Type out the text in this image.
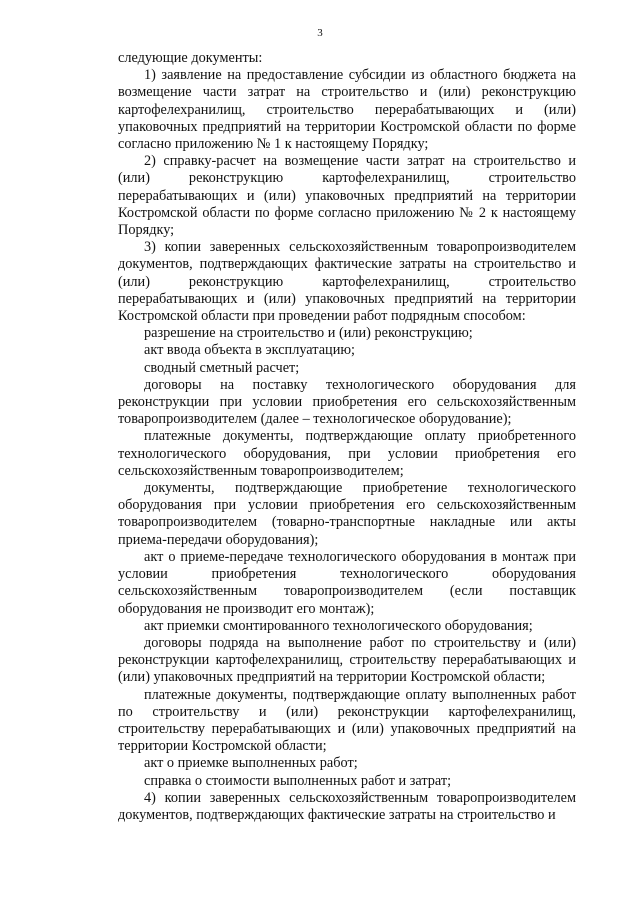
3

следующие документы:

1) заявление на предоставление субсидии из областного бюджета на возмещение части затрат на строительство и (или) реконструкцию картофелехранилищ, строительство перерабатывающих и (или) упаковочных предприятий на территории Костромской области по форме согласно приложению № 1 к настоящему Порядку;

2) справку-расчет на возмещение части затрат на строительство и (или) реконструкцию картофелехранилищ, строительство перерабатывающих и (или) упаковочных предприятий на территории Костромской области по форме согласно приложению № 2 к настоящему Порядку;

3) копии заверенных сельскохозяйственным товаропроизводителем документов, подтверждающих фактические затраты на строительство и (или) реконструкцию картофелехранилищ, строительство перерабатывающих и (или) упаковочных предприятий на территории Костромской области при проведении работ подрядным способом:

разрешение на строительство и (или) реконструкцию;

акт ввода объекта в эксплуатацию;

сводный сметный расчет;

договоры на поставку технологического оборудования для реконструкции при условии приобретения его сельскохозяйственным товаропроизводителем (далее – технологическое оборудование);

платежные документы, подтверждающие оплату приобретенного технологического оборудования, при условии приобретения его сельскохозяйственным товаропроизводителем;

документы, подтверждающие приобретение технологического оборудования при условии приобретения его сельскохозяйственным товаропроизводителем (товарно-транспортные накладные или акты приема-передачи оборудования);

акт о приеме-передаче технологического оборудования в монтаж при условии приобретения технологического оборудования сельскохозяйственным товаропроизводителем (если поставщик оборудования не производит его монтаж);

акт приемки смонтированного технологического оборудования;

договоры подряда на выполнение работ по строительству и (или) реконструкции картофелехранилищ, строительству перерабатывающих и (или) упаковочных предприятий на территории Костромской области;

платежные документы, подтверждающие оплату выполненных работ по строительству и (или) реконструкции картофелехранилищ, строительству перерабатывающих и (или) упаковочных предприятий на территории Костромской области;

акт о приемке выполненных работ;

справка о стоимости выполненных работ и затрат;

4) копии заверенных сельскохозяйственным товаропроизводителем документов, подтверждающих фактические затраты на строительство и
